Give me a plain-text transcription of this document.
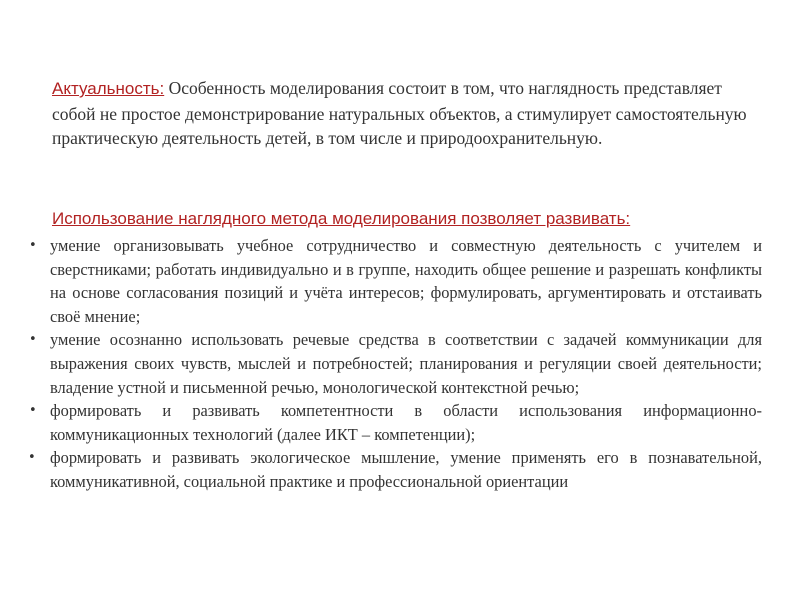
Актуальность: Особенность моделирования состоит в том, что наглядность представляет собой не простое демонстрирование натуральных объектов, а стимулирует самостоятельную практическую деятельность детей, в том числе и природоохранительную.
Использование наглядного метода моделирования позволяет развивать:
• умение организовывать учебное сотрудничество и совместную деятельность с учителем и сверстниками; работать индивидуально и в группе, находить общее решение и разрешать конфликты на основе согласования позиций и учёта интересов; формулировать, аргументировать и отстаивать своё мнение;
• умение осознанно использовать речевые средства в соответствии с задачей коммуникации для выражения своих чувств, мыслей и потребностей; планирования и регуляции своей деятельности; владение устной и письменной речью, монологической контекстной речью;
• формировать и развивать компетентности в области использования информационно-коммуникационных технологий (далее ИКТ – компетенции);
• формировать и развивать экологическое мышление, умение применять его в познавательной, коммуникативной, социальной практике и профессиональной ориентации
